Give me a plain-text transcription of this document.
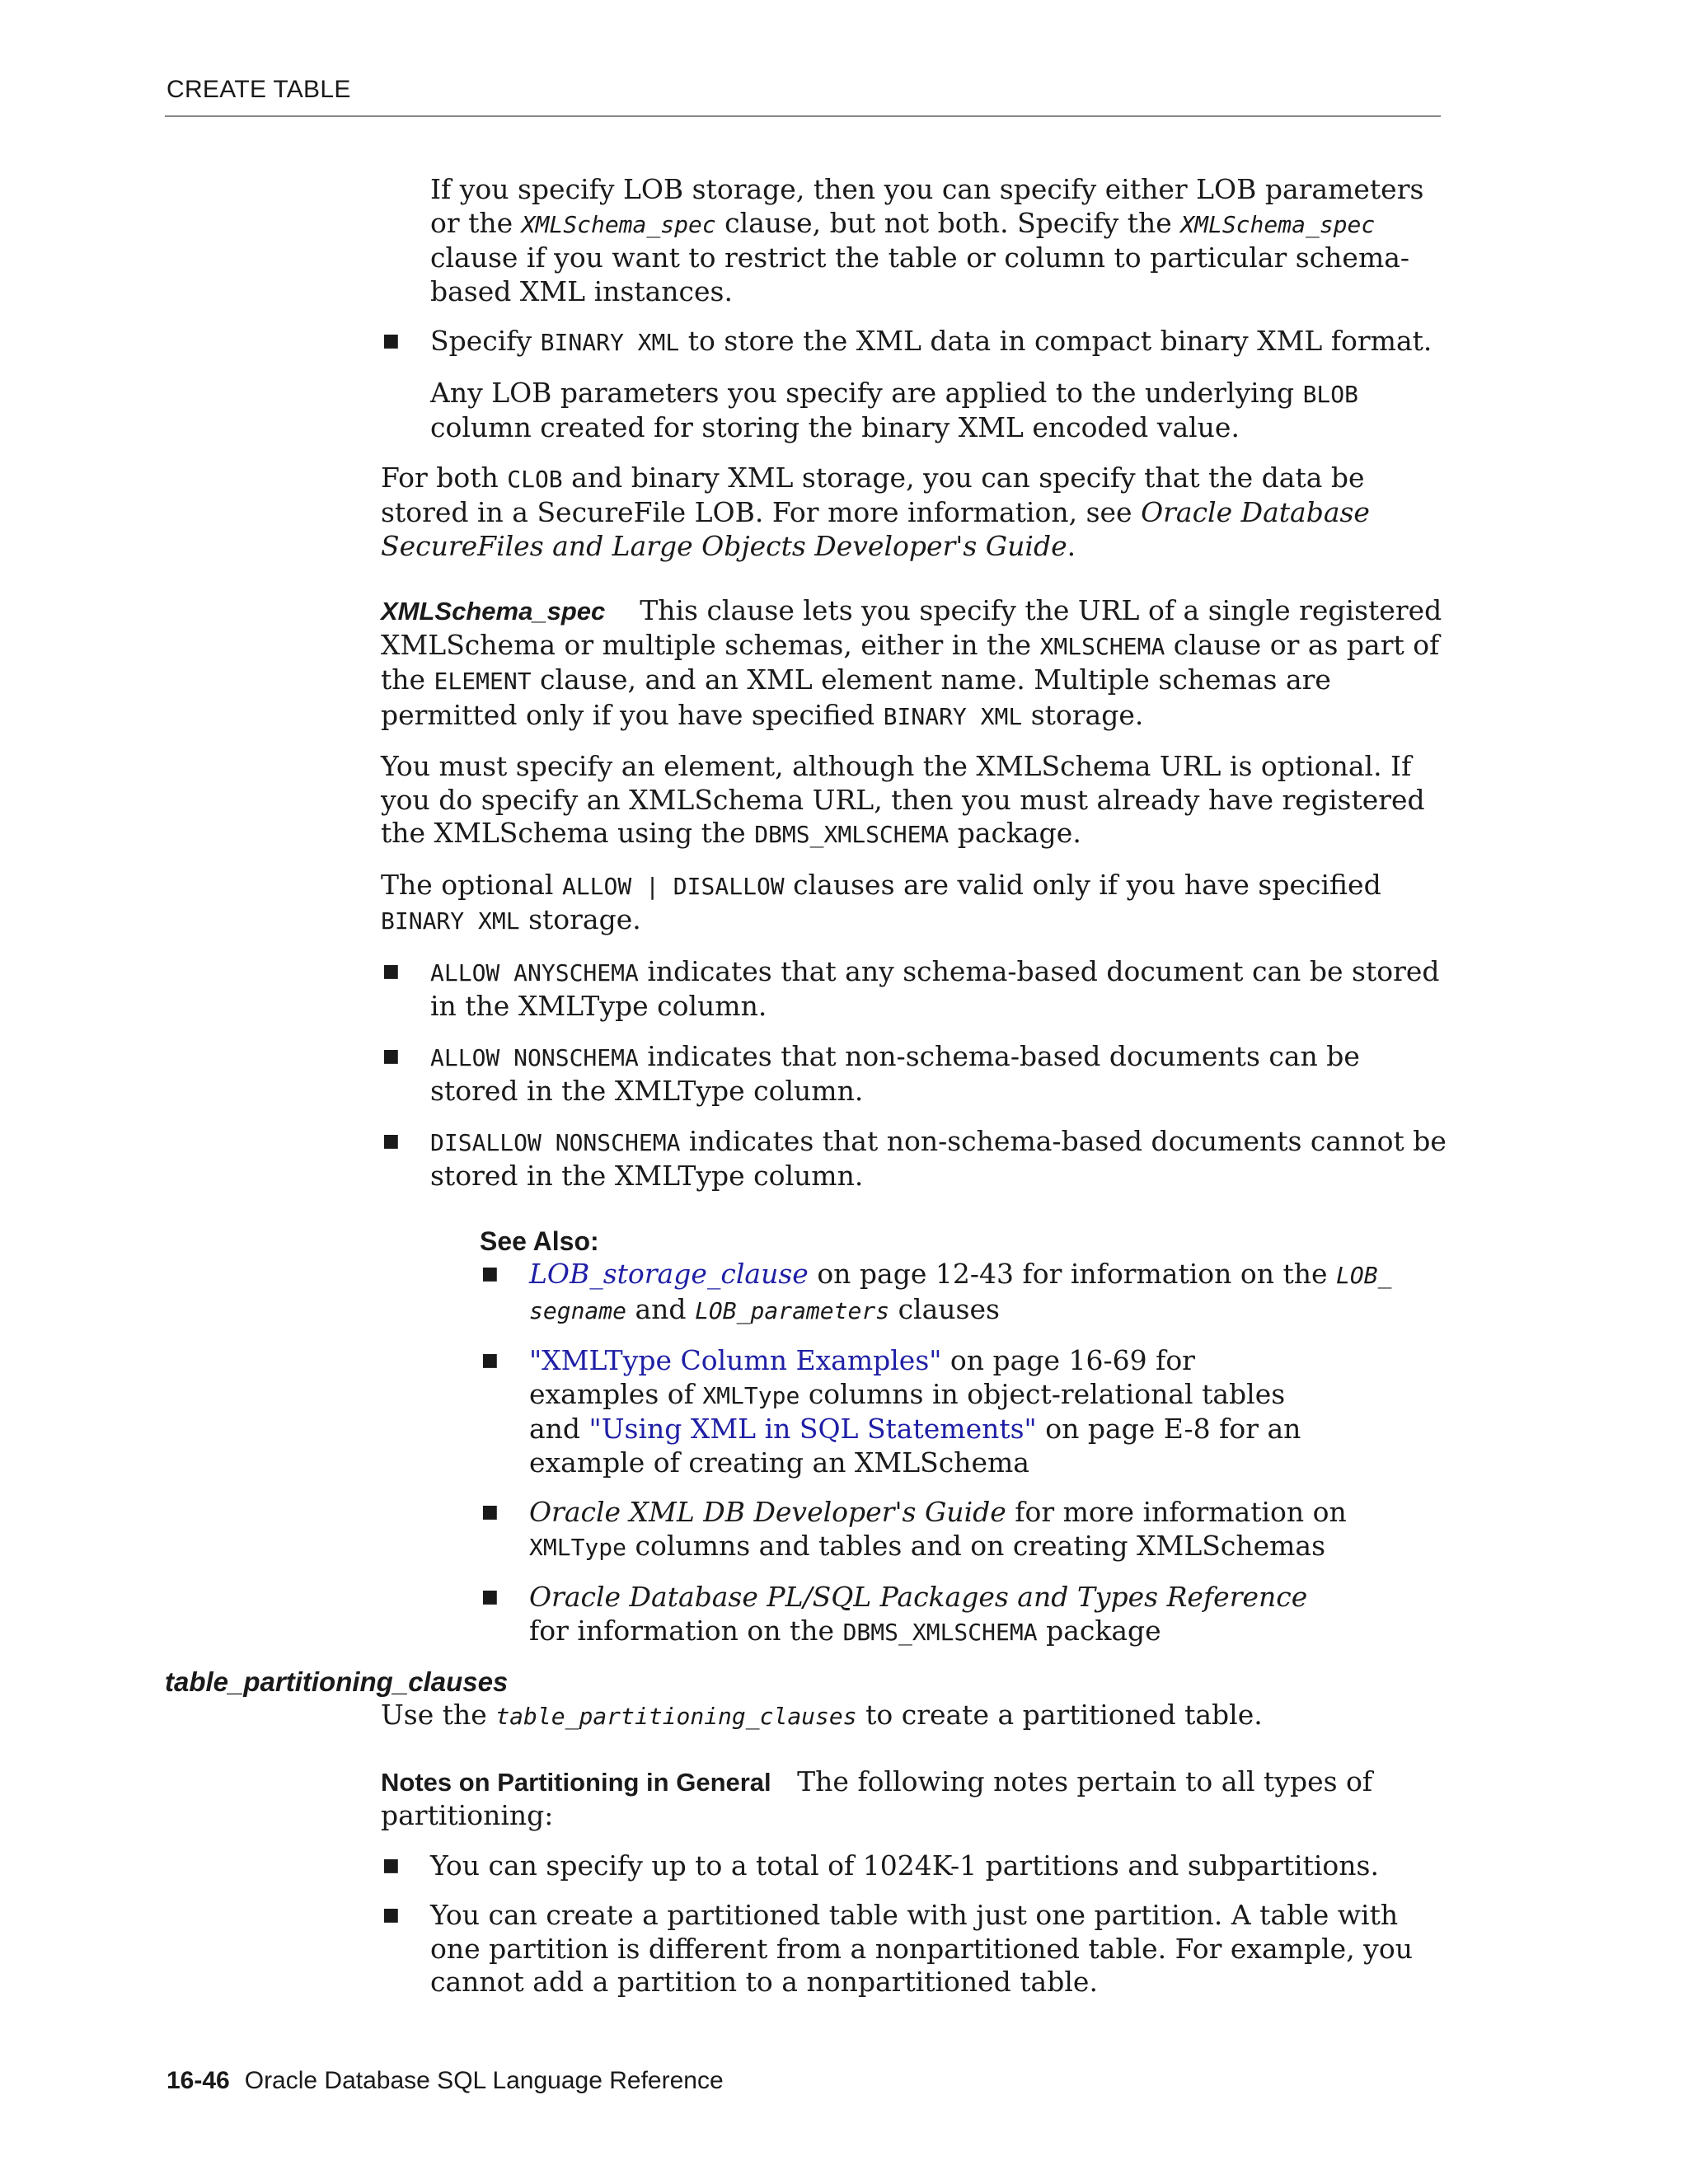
CREATE TABLE

If you specify LOB storage, then you can specify either LOB parameters or the XMLSchema_spec clause, but not both. Specify the XMLSchema_spec clause if you want to restrict the table or column to particular schema-based XML instances.

■ Specify BINARY XML to store the XML data in compact binary XML format.

Any LOB parameters you specify are applied to the underlying BLOB column created for storing the binary XML encoded value.

For both CLOB and binary XML storage, you can specify that the data be stored in a SecureFile LOB. For more information, see Oracle Database SecureFiles and Large Objects Developer's Guide.

XMLSchema_spec This clause lets you specify the URL of a single registered XMLSchema or multiple schemas, either in the XMLSCHEMA clause or as part of the ELEMENT clause, and an XML element name. Multiple schemas are permitted only if you have specified BINARY XML storage.

You must specify an element, although the XMLSchema URL is optional. If you do specify an XMLSchema URL, then you must already have registered the XMLSchema using the DBMS_XMLSCHEMA package.

The optional ALLOW | DISALLOW clauses are valid only if you have specified BINARY XML storage.

■ ALLOW ANYSCHEMA indicates that any schema-based document can be stored in the XMLType column.

■ ALLOW NONSCHEMA indicates that non-schema-based documents can be stored in the XMLType column.

■ DISALLOW NONSCHEMA indicates that non-schema-based documents cannot be stored in the XMLType column.

See Also:

■ LOB_storage_clause on page 12-43 for information on the LOB_ segname and LOB_parameters clauses

■ "XMLType Column Examples" on page 16-69 for examples of XMLType columns in object-relational tables and "Using XML in SQL Statements" on page E-8 for an example of creating an XMLSchema

■ Oracle XML DB Developer's Guide for more information on XMLType columns and tables and on creating XMLSchemas

■ Oracle Database PL/SQL Packages and Types Reference for information on the DBMS_XMLSCHEMA package

table_partitioning_clauses

Use the table_partitioning_clauses to create a partitioned table.

Notes on Partitioning in General The following notes pertain to all types of partitioning:

■ You can specify up to a total of 1024K-1 partitions and subpartitions.

■ You can create a partitioned table with just one partition. A table with one partition is different from a nonpartitioned table. For example, you cannot add a partition to a nonpartitioned table.

16-46 Oracle Database SQL Language Reference
